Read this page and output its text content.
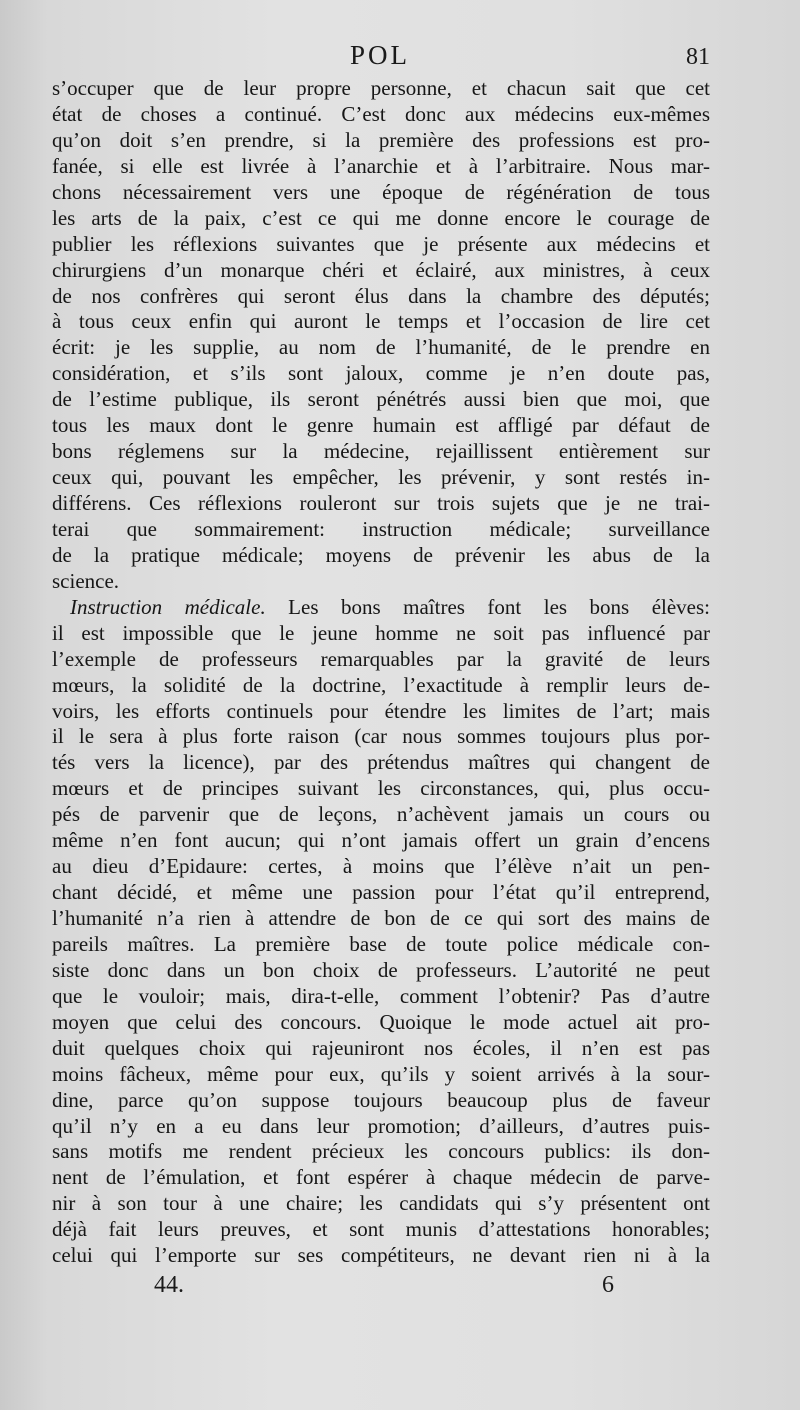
POL	81
s’occuper que de leur propre personne, et chacun sait que cet
état de choses a continué. C’est donc aux médecins eux-mêmes
qu’on doit s’en prendre, si la première des professions est pro-
fanée, si elle est livrée à l’anarchie et à l’arbitraire. Nous mar-
chons nécessairement vers une époque de régénération de tous
les arts de la paix, c’est ce qui me donne encore le courage de
publier les réflexions suivantes que je présente aux médecins et
chirurgiens d’un monarque chéri et éclairé, aux ministres, à ceux
de nos confrères qui seront élus dans la chambre des députés;
à tous ceux enfin qui auront le temps et l’occasion de lire cet
écrit: je les supplie, au nom de l’humanité, de le prendre en
considération, et s’ils sont jaloux, comme je n’en doute pas,
de l’estime publique, ils seront pénétrés aussi bien que moi, que
tous les maux dont le genre humain est affligé par défaut de
bons réglemens sur la médecine, rejaillissent entièrement sur
ceux qui, pouvant les empêcher, les prévenir, y sont restés in-
différens. Ces réflexions rouleront sur trois sujets que je ne trai-
terai que sommairement: instruction médicale; surveillance
de la pratique médicale; moyens de prévenir les abus de la
science.
Instruction médicale. Les bons maîtres font les bons élèves:
il est impossible que le jeune homme ne soit pas influencé par
l’exemple de professeurs remarquables par la gravité de leurs
mœurs, la solidité de la doctrine, l’exactitude à remplir leurs de-
voirs, les efforts continuels pour étendre les limites de l’art; mais
il le sera à plus forte raison (car nous sommes toujours plus por-
tés vers la licence), par des prétendus maîtres qui changent de
mœurs et de principes suivant les circonstances, qui, plus occu-
pés de parvenir que de leçons, n’achèvent jamais un cours ou
même n’en font aucun; qui n’ont jamais offert un grain d’encens
au dieu d’Epidaure: certes, à moins que l’élève n’ait un pen-
chant décidé, et même une passion pour l’état qu’il entreprend,
l’humanité n’a rien à attendre de bon de ce qui sort des mains de
pareils maîtres. La première base de toute police médicale con-
siste donc dans un bon choix de professeurs. L’autorité ne peut
que le vouloir; mais, dira-t-elle, comment l’obtenir? Pas d’autre
moyen que celui des concours. Quoique le mode actuel ait pro-
duit quelques choix qui rajeuniront nos écoles, il n’en est pas
moins fâcheux, même pour eux, qu’ils y soient arrivés à la sour-
dine, parce qu’on suppose toujours beaucoup plus de faveur
qu’il n’y en a eu dans leur promotion; d’ailleurs, d’autres puis-
sans motifs me rendent précieux les concours publics: ils don-
nent de l’émulation, et font espérer à chaque médecin de parve-
nir à son tour à une chaire; les candidats qui s’y présentent ont
déjà fait leurs preuves, et sont munis d’attestations honorables;
celui qui l’emporte sur ses compétiteurs, ne devant rien ni à la
44.	6
